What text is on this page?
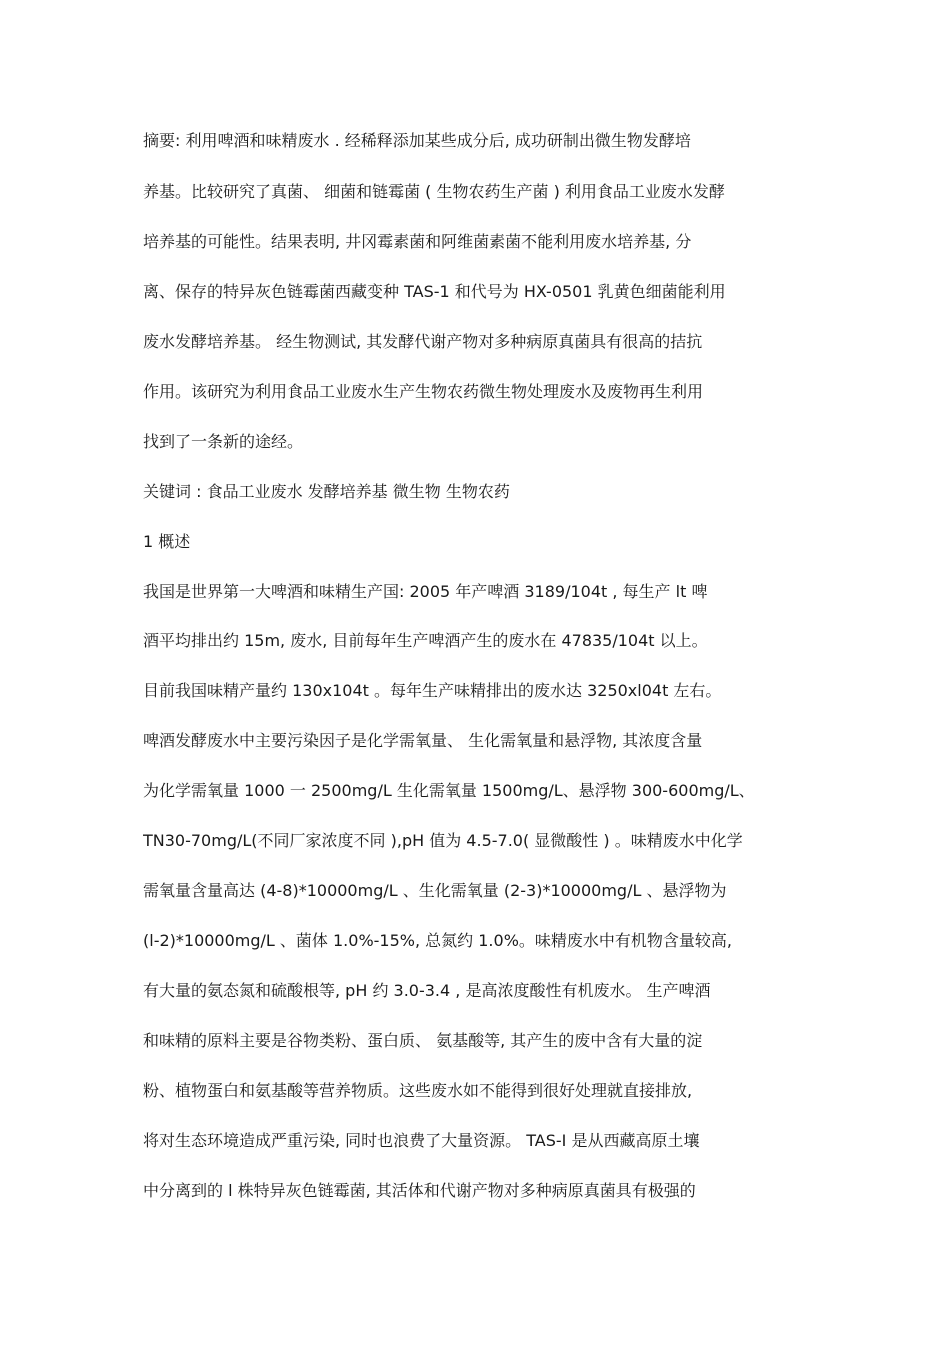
摘要: 利用啤酒和味精废水 . 经稀释添加某些成分后, 成功研制出微生物发酵培
养基。比较研究了真菌、 细菌和链霉菌 ( 生物农药生产菌 ) 利用食品工业废水发酵
培养基的可能性。结果表明, 井冈霉素菌和阿维菌素菌不能利用废水培养基, 分
离、保存的特异灰色链霉菌西藏变种 TAS-1 和代号为 HX-0501 乳黄色细菌能利用
废水发酵培养基。 经生物测试, 其发酵代谢产物对多种病原真菌具有很高的拮抗
作用。该研究为利用食品工业废水生产生物农药微生物处理废水及废物再生利用
找到了一条新的途经。
关键词 : 食品工业废水 发酵培养基 微生物 生物农药
1 概述
我国是世界第一大啤酒和味精生产国: 2005 年产啤酒 3189/104t , 每生产 lt 啤
酒平均排出约 15m, 废水, 目前每年生产啤酒产生的废水在 47835/104t 以上。
目前我国味精产量约 130x104t 。每年生产味精排出的废水达 3250xl04t 左右。
啤酒发酵废水中主要污染因子是化学需氧量、 生化需氧量和悬浮物, 其浓度含量
为化学需氧量 1000 一 2500mg/L 生化需氧量 1500mg/L、悬浮物 300-600mg/L、
TN30-70mg/L(不同厂家浓度不同 ),pH 值为 4.5-7.0( 显微酸性 ) 。味精废水中化学
需氧量含量高达 (4-8)*10000mg/L 、生化需氧量 (2-3)*10000mg/L 、悬浮物为
(l-2)*10000mg/L 、菌体 1.0%-15%, 总氮约 1.0%。味精废水中有机物含量较高,
有大量的氨态氮和硫酸根等, pH 约 3.0-3.4 , 是高浓度酸性有机废水。 生产啤酒
和味精的原料主要是谷物类粉、蛋白质、 氨基酸等, 其产生的废中含有大量的淀
粉、植物蛋白和氨基酸等营养物质。这些废水如不能得到很好处理就直接排放,
将对生态环境造成严重污染, 同时也浪费了大量资源。 TAS-I 是从西藏高原土壤
中分离到的 l 株特异灰色链霉菌, 其活体和代谢产物对多种病原真菌具有极强的
